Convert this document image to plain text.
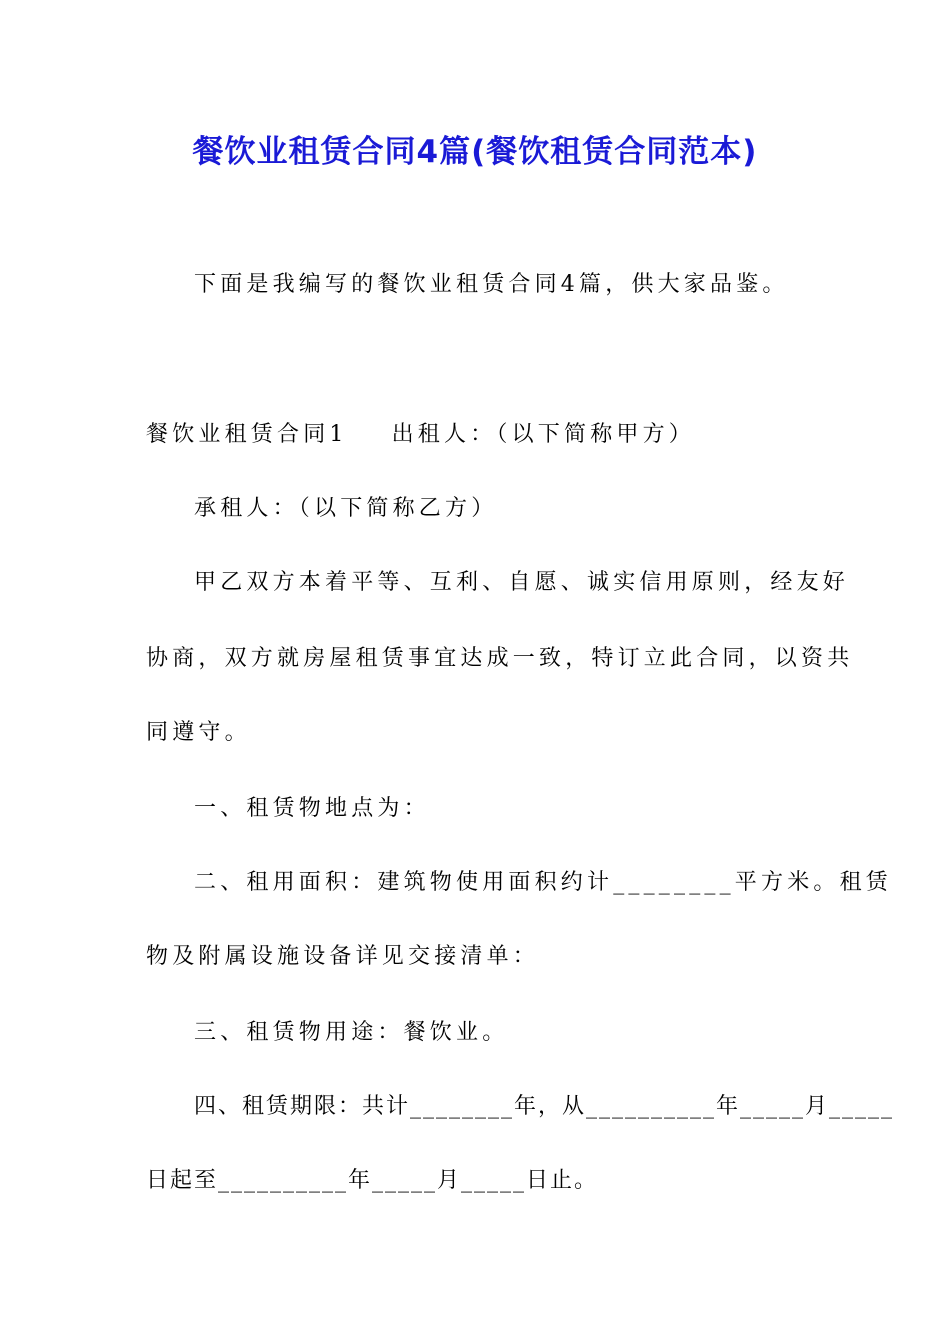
餐饮业租赁合同4篇(餐饮租赁合同范本)
下面是我编写的餐饮业租赁合同4篇，供大家品鉴。
餐饮业租赁合同1 出租人：（以下简称甲方）
承租人：（以下简称乙方）
甲乙双方本着平等、互利、自愿、诚实信用原则，经友好
协商，双方就房屋租赁事宜达成一致，特订立此合同，以资共
同遵守。
一、租赁物地点为：
二、租用面积：建筑物使用面积约计________平方米。租赁
物及附属设施设备详见交接清单：
三、租赁物用途：餐饮业。
四、租赁期限：共计________年，从__________年_____月_____
日起至__________年_____月_____日止。
